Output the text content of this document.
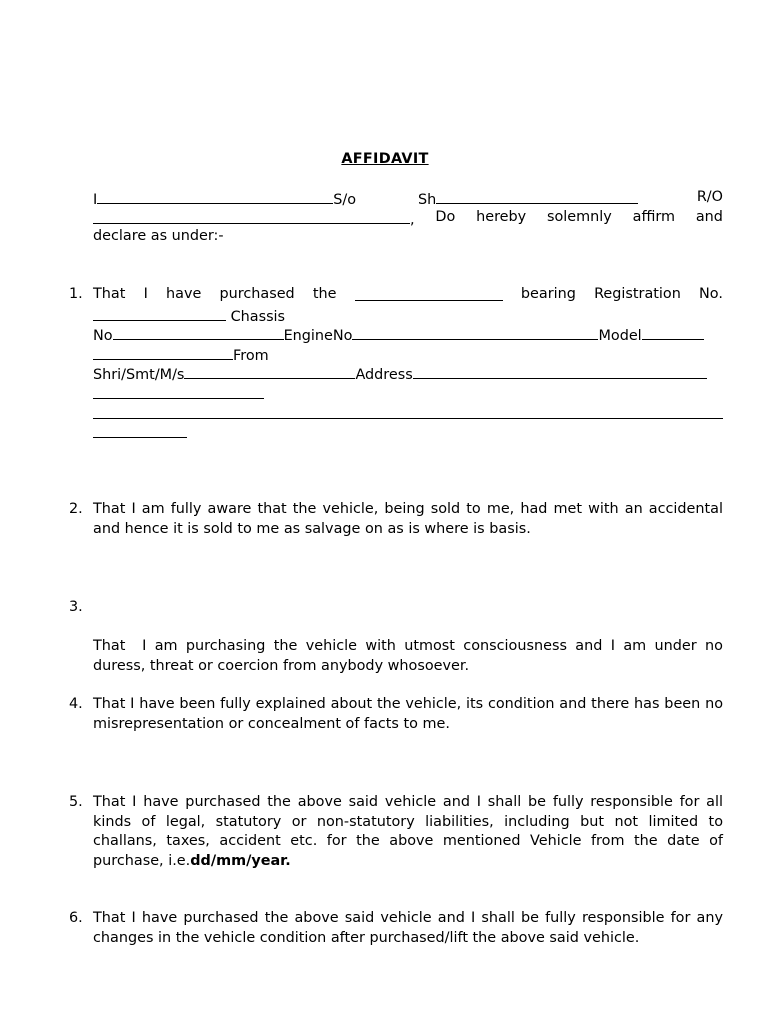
AFFIDAVIT
I	S/o	Sh	R/O
, Do hereby solemnly affirm and
declare as under:-
1. That I have purchased the	bearing Registration No.
Chassis
No	EngineNo	Model
From
Shri/Smt/M/s	Address
2. That I am fully aware that the vehicle, being sold to me, had met with an accidental and hence it is sold to me as salvage on as is where is basis.

3.

That  I am purchasing the vehicle with utmost consciousness and I am under no duress, threat or coercion from anybody whosoever.

4. That I have been fully explained about the vehicle, its condition and there has been no misrepresentation or concealment of facts to me.

5. That I have purchased the above said vehicle and I shall be fully responsible for all kinds of legal, statutory or non-statutory liabilities, including but not limited to challans, taxes, accident etc. for the above mentioned Vehicle from the date of purchase, i.e.dd/mm/year.

6. That I have purchased the above said vehicle and I shall be fully responsible for any changes in the vehicle condition after purchased/lift the above said vehicle.
